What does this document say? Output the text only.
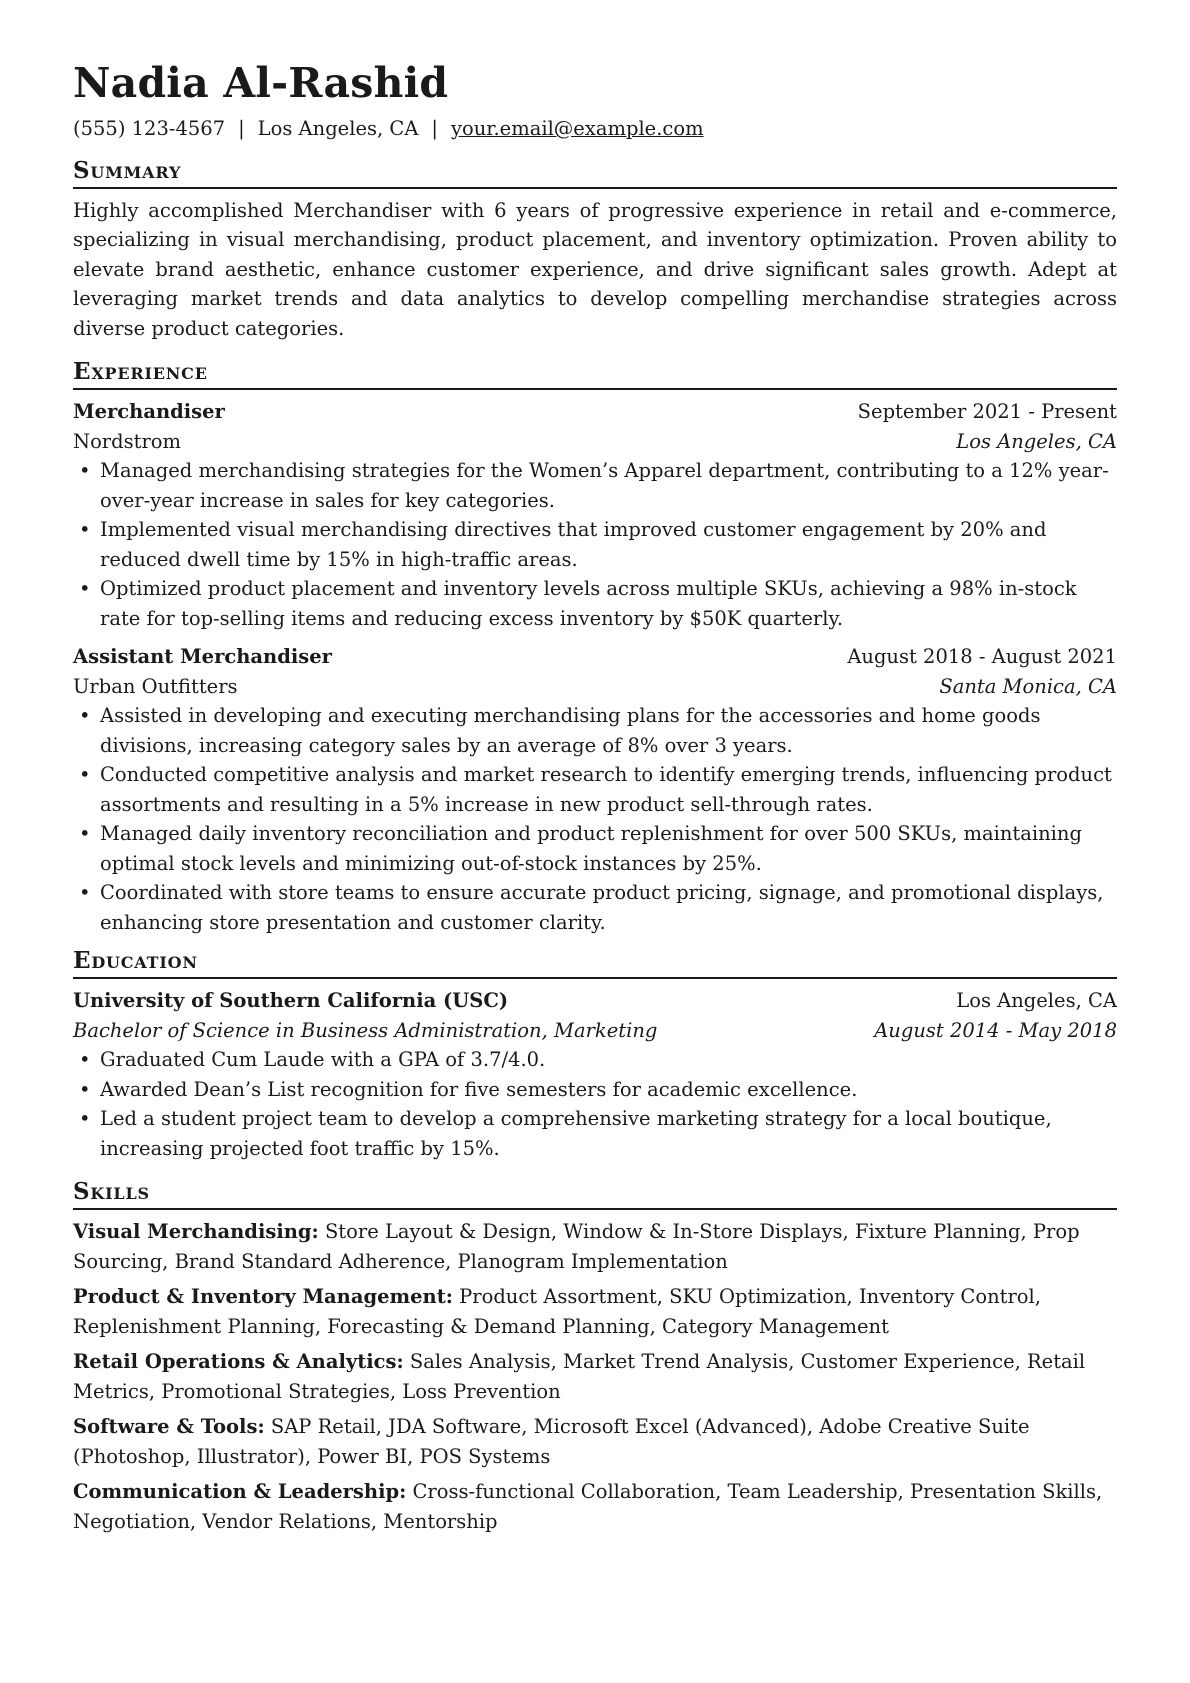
Nadia Al-Rashid
(555) 123-4567 | Los Angeles, CA | your.email@example.com
Summary
Highly accomplished Merchandiser with 6 years of progressive experience in retail and e-commerce, specializing in visual merchandising, product placement, and inventory optimization. Proven ability to elevate brand aesthetic, enhance customer experience, and drive significant sales growth. Adept at leveraging market trends and data analytics to develop compelling merchandise strategies across diverse product categories.
Experience
Merchandiser	September 2021 - Present
Nordstrom	Los Angeles, CA
• Managed merchandising strategies for the Women’s Apparel department, contributing to a 12% year-over-year increase in sales for key categories.
• Implemented visual merchandising directives that improved customer engagement by 20% and reduced dwell time by 15% in high-traffic areas.
• Optimized product placement and inventory levels across multiple SKUs, achieving a 98% in-stock rate for top-selling items and reducing excess inventory by $50K quarterly.
Assistant Merchandiser	August 2018 - August 2021
Urban Outfitters	Santa Monica, CA
• Assisted in developing and executing merchandising plans for the accessories and home goods divisions, increasing category sales by an average of 8% over 3 years.
• Conducted competitive analysis and market research to identify emerging trends, influencing product assortments and resulting in a 5% increase in new product sell-through rates.
• Managed daily inventory reconciliation and product replenishment for over 500 SKUs, maintaining optimal stock levels and minimizing out-of-stock instances by 25%.
• Coordinated with store teams to ensure accurate product pricing, signage, and promotional displays, enhancing store presentation and customer clarity.
Education
University of Southern California (USC)	Los Angeles, CA
Bachelor of Science in Business Administration, Marketing	August 2014 - May 2018
• Graduated Cum Laude with a GPA of 3.7/4.0.
• Awarded Dean’s List recognition for five semesters for academic excellence.
• Led a student project team to develop a comprehensive marketing strategy for a local boutique, increasing projected foot traffic by 15%.
Skills
Visual Merchandising: Store Layout & Design, Window & In-Store Displays, Fixture Planning, Prop Sourcing, Brand Standard Adherence, Planogram Implementation
Product & Inventory Management: Product Assortment, SKU Optimization, Inventory Control, Replenishment Planning, Forecasting & Demand Planning, Category Management
Retail Operations & Analytics: Sales Analysis, Market Trend Analysis, Customer Experience, Retail Metrics, Promotional Strategies, Loss Prevention
Software & Tools: SAP Retail, JDA Software, Microsoft Excel (Advanced), Adobe Creative Suite (Photoshop, Illustrator), Power BI, POS Systems
Communication & Leadership: Cross-functional Collaboration, Team Leadership, Presentation Skills, Negotiation, Vendor Relations, Mentorship
